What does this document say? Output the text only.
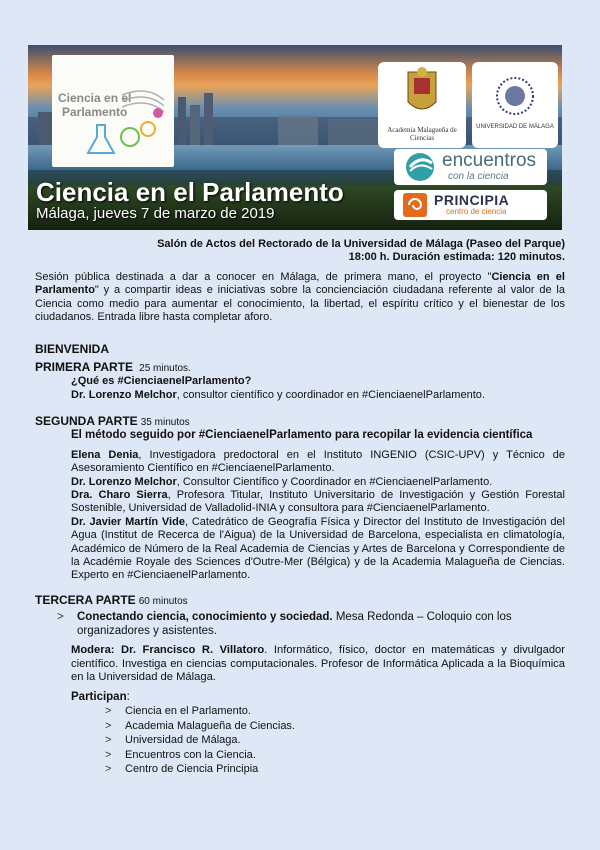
Ciencia en el
Parlamento
Academia Malagueña de Ciencias
UNIVERSIDAD DE MÁLAGA
encuentros
con la ciencia
PRINCIPIA
centro de ciencia
Ciencia en el Parlamento
Málaga, jueves 7 de marzo de 2019
Salón de Actos del Rectorado de la Universidad de Málaga (Paseo del Parque)
18:00 h. Duración estimada: 120 minutos.
Sesión pública destinada a dar a conocer en Málaga, de primera mano, el proyecto "Ciencia en el Parlamento" y a compartir ideas e iniciativas sobre la concienciación ciudadana referente al valor de la Ciencia como medio para aumentar el conocimiento, la libertad, el espíritu crítico y el bienestar de los ciudadanos. Entrada libre hasta completar aforo.
BIENVENIDA
PRIMERA PARTE 25 minutos.
¿Qué es #CienciaenelParlamento?
Dr. Lorenzo Melchor, consultor científico y coordinador en #CienciaenelParlamento.
SEGUNDA PARTE 35 minutos
El método seguido por #CienciaenelParlamento para recopilar la evidencia científica
Elena Denia, Investigadora predoctoral en el Instituto INGENIO (CSIC-UPV) y Técnico de Asesoramiento Científico en #CienciaenelParlamento.
Dr. Lorenzo Melchor, Consultor Científico y Coordinador en #CienciaenelParlamento.
Dra. Charo Sierra, Profesora Titular, Instituto Universitario de Investigación y Gestión Forestal Sostenible, Universidad de Valladolid-INIA y consultora para #CienciaenelParlamento.
Dr. Javier Martín Vide, Catedrático de Geografía Física y Director del Instituto de Investigación del Agua (Institut de Recerca de l'Aigua) de la Universidad de Barcelona, especialista en climatología, Académico de Número de la Real Academia de Ciencias y Artes de Barcelona y Correspondiente de la Académie Royale des Sciences d'Outre-Mer (Bélgica) y de la Academia Malagueña de Ciencias. Experto en #CienciaenelParlamento.
TERCERA PARTE 60 minutos
> Conectando ciencia, conocimiento y sociedad. Mesa Redonda – Coloquio con los organizadores y asistentes.
Modera: Dr. Francisco R. Villatoro. Informático, físico, doctor en matemáticas y divulgador científico. Investiga en ciencias computacionales. Profesor de Informática Aplicada a la Bioquímica en la Universidad de Málaga.
Participan:
> Ciencia en el Parlamento.
> Academia Malagueña de Ciencias.
> Universidad de Málaga.
> Encuentros con la Ciencia.
> Centro de Ciencia Principia
